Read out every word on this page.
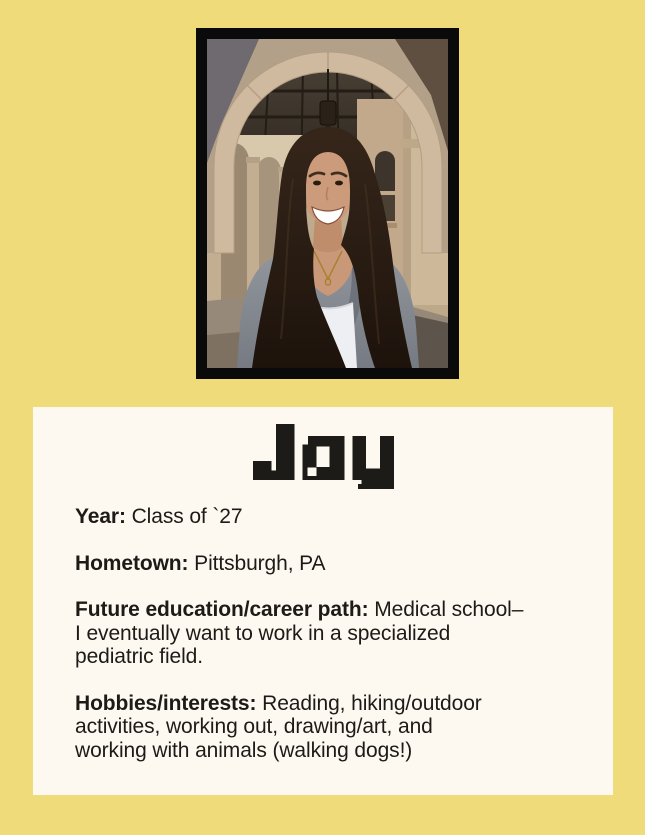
Year: Class of `27

Hometown: Pittsburgh, PA

Future education/career path: Medical school–
I eventually want to work in a specialized
pediatric field.

Hobbies/interests: Reading, hiking/outdoor
activities, working out, drawing/art, and
working with animals (walking dogs!)
